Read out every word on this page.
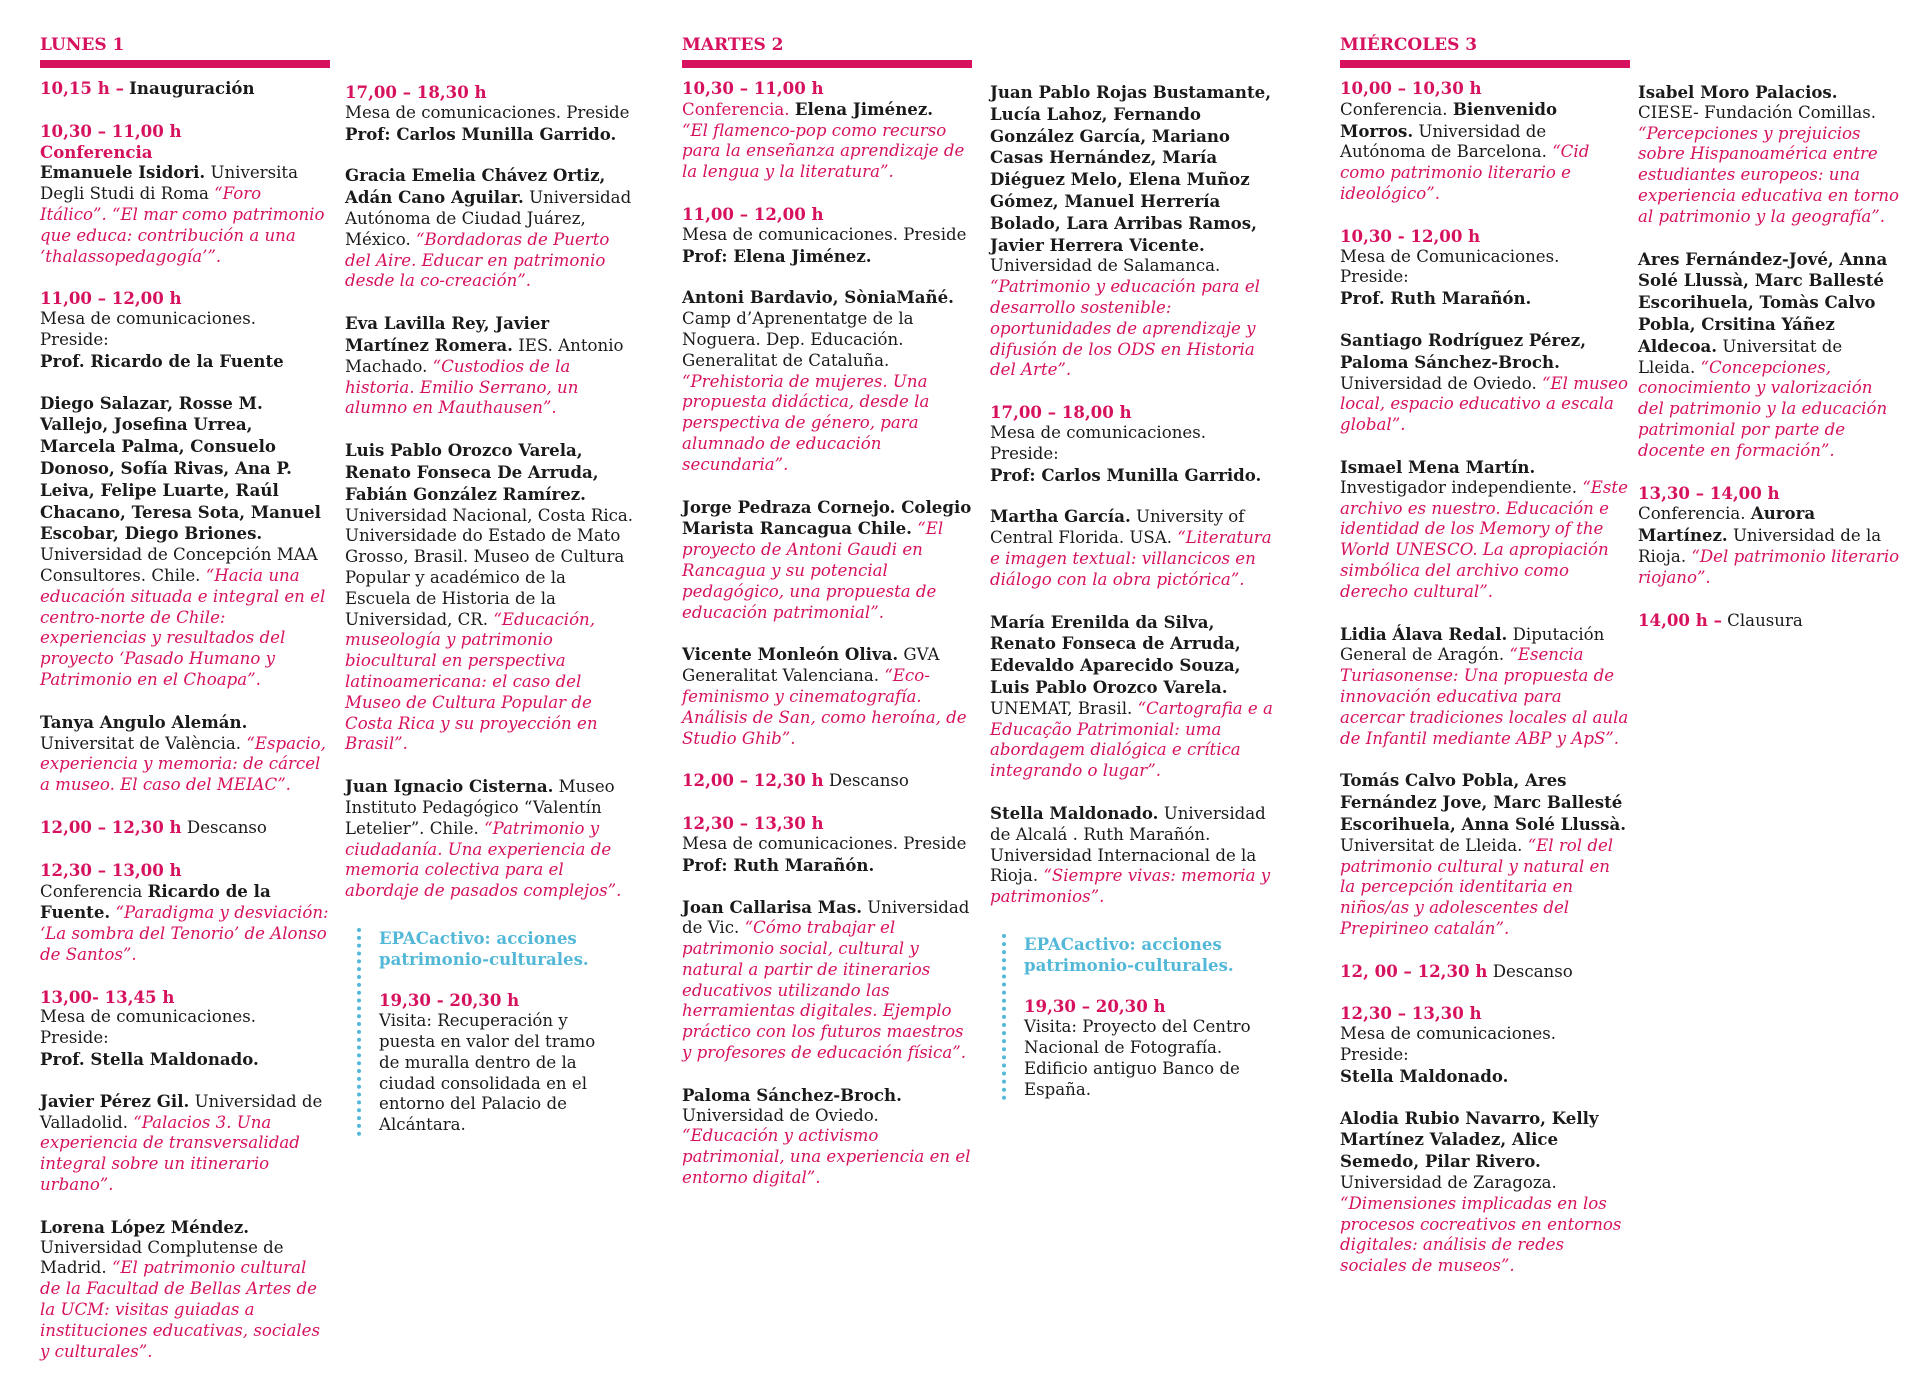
LUNES 1
10,15 h – Inauguración
10,30 – 11,00 h
Conferencia
Emanuele Isidori. Universita Degli Studi di Roma “Foro Itálico”. “El mar como patrimonio que educa: contribución a una ‘thalassopedagogía’”.
11,00 – 12,00 h
Mesa de comunicaciones. Preside:
Prof. Ricardo de la Fuente
Diego Salazar, Rosse M. Vallejo, Josefina Urrea, Marcela Palma, Consuelo Donoso, Sofía Rivas, Ana P. Leiva, Felipe Luarte, Raúl Chacano, Teresa Sota, Manuel Escobar, Diego Briones. Universidad de Concepción MAA Consultores. Chile. “Hacia una educación situada e integral en el centro-norte de Chile: experiencias y resultados del proyecto ‘Pasado Humano y Patrimonio en el Choapa”.
Tanya Angulo Alemán. Universitat de València. “Espacio, experiencia y memoria: de cárcel a museo. El caso del MEIAC”.
12,00 – 12,30 h Descanso
12,30 – 13,00 h
Conferencia Ricardo de la Fuente. “Paradigma y desviación: ‘La sombra del Tenorio’ de Alonso de Santos”.
13,00- 13,45 h
Mesa de comunicaciones. Preside:
Prof. Stella Maldonado.
Javier Pérez Gil. Universidad de Valladolid. “Palacios 3. Una experiencia de transversalidad integral sobre un itinerario urbano”.
Lorena López Méndez.
Universidad Complutense de Madrid. “El patrimonio cultural de la Facultad de Bellas Artes de la UCM: visitas guiadas a instituciones educativas, sociales y culturales”.
17,00 – 18,30 h
Mesa de comunicaciones. Preside
Prof: Carlos Munilla Garrido.
Gracia Emelia Chávez Ortiz, Adán Cano Aguilar. Universidad Autónoma de Ciudad Juárez, México. “Bordadoras de Puerto del Aire. Educar en patrimonio desde la co-creación”.
Eva Lavilla Rey, Javier Martínez Romera. IES. Antonio Machado. “Custodios de la historia. Emilio Serrano, un alumno en Mauthausen”.
Luis Pablo Orozco Varela, Renato Fonseca De Arruda, Fabián González Ramírez. Universidad Nacional, Costa Rica. Universidade do Estado de Mato Grosso, Brasil. Museo de Cultura Popular y académico de la Escuela de Historia de la Universidad, CR. “Educación, museología y patrimonio biocultural en perspectiva latinoamericana: el caso del Museo de Cultura Popular de Costa Rica y su proyección en Brasil”.
Juan Ignacio Cisterna. Museo Instituto Pedagógico “Valentín Letelier”. Chile. “Patrimonio y ciudadanía. Una experiencia de memoria colectiva para el abordaje de pasados complejos”.
EPACactivo: acciones patrimonio-culturales.
19,30 - 20,30 h
Visita: Recuperación y puesta en valor del tramo de muralla dentro de la ciudad consolidada en el entorno del Palacio de Alcántara.
MARTES 2
10,30 – 11,00 h
Conferencia. Elena Jiménez.
“El flamenco-pop como recurso para la enseñanza aprendizaje de la lengua y la literatura”.
11,00 – 12,00 h
Mesa de comunicaciones. Preside
Prof: Elena Jiménez.
Antoni Bardavio, SòniaMañé. Camp d’Aprenentatge de la Noguera. Dep. Educación. Generalitat de Cataluña. “Prehistoria de mujeres. Una propuesta didáctica, desde la perspectiva de género, para alumnado de educación secundaria”.
Jorge Pedraza Cornejo. Colegio Marista Rancagua Chile. “El proyecto de Antoni Gaudi en Rancagua y su potencial pedagógico, una propuesta de educación patrimonial”.
Vicente Monleón Oliva. GVA Generalitat Valenciana. “Eco-feminismo y cinematografía. Análisis de San, como heroína, de Studio Ghib”.
12,00 – 12,30 h Descanso
12,30 – 13,30 h
Mesa de comunicaciones. Preside
Prof: Ruth Marañón.
Joan Callarisa Mas. Universidad de Vic. “Cómo trabajar el patrimonio social, cultural y natural a partir de itinerarios educativos utilizando las herramientas digitales. Ejemplo práctico con los futuros maestros y profesores de educación física”.
Paloma Sánchez-Broch.
Universidad de Oviedo. “Educación y activismo patrimonial, una experiencia en el entorno digital”.
Juan Pablo Rojas Bustamante, Lucía Lahoz, Fernando González García, Mariano Casas Hernández, María Diéguez Melo, Elena Muñoz Gómez, Manuel Herrería Bolado, Lara Arribas Ramos, Javier Herrera Vicente. Universidad de Salamanca. “Patrimonio y educación para el desarrollo sostenible: oportunidades de aprendizaje y difusión de los ODS en Historia del Arte”.
17,00 – 18,00 h
Mesa de comunicaciones. Preside:
Prof: Carlos Munilla Garrido.
Martha García. University of Central Florida. USA. “Literatura e imagen textual: villancicos en diálogo con la obra pictórica”.
María Erenilda da Silva, Renato Fonseca de Arruda, Edevaldo Aparecido Souza, Luis Pablo Orozco Varela. UNEMAT, Brasil. “Cartografia e a Educação Patrimonial: uma abordagem dialógica e crítica integrando o lugar”.
Stella Maldonado. Universidad de Alcalá . Ruth Marañón. Universidad Internacional de la Rioja. “Siempre vivas: memoria y patrimonios”.
EPACactivo: acciones patrimonio-culturales.
19,30 – 20,30 h
Visita: Proyecto del Centro Nacional de Fotografía. Edificio antiguo Banco de España.
MIÉRCOLES 3
10,00 – 10,30 h
Conferencia. Bienvenido Morros. Universidad de Autónoma de Barcelona. “Cid como patrimonio literario e ideológico”.
10,30 - 12,00 h
Mesa de Comunicaciones. Preside:
Prof. Ruth Marañón.
Santiago Rodríguez Pérez, Paloma Sánchez-Broch. Universidad de Oviedo. “El museo local, espacio educativo a escala global”.
Ismael Mena Martín.
Investigador independiente. “Este archivo es nuestro. Educación e identidad de los Memory of the World UNESCO. La apropiación simbólica del archivo como derecho cultural”.
Lidia Álava Redal. Diputación General de Aragón. “Esencia Turiasonense: Una propuesta de innovación educativa para acercar tradiciones locales al aula de Infantil mediante ABP y ApS”.
Tomás Calvo Pobla, Ares Fernández Jove, Marc Ballesté Escorihuela, Anna Solé Llussà. Universitat de Lleida. “El rol del patrimonio cultural y natural en la percepción identitaria en niños/as y adolescentes del Prepirineo catalán”.
12, 00 – 12,30 h Descanso
12,30 – 13,30 h
Mesa de comunicaciones. Preside:
Stella Maldonado.
Alodia Rubio Navarro, Kelly Martínez Valadez, Alice Semedo, Pilar Rivero. Universidad de Zaragoza. “Dimensiones implicadas en los procesos cocreativos en entornos digitales: análisis de redes sociales de museos”.
Isabel Moro Palacios.
CIESE- Fundación Comillas.
“Percepciones y prejuicios sobre Hispanoamérica entre estudiantes europeos: una experiencia educativa en torno al patrimonio y la geografía”.
Ares Fernández-Jové, Anna Solé Llussà, Marc Ballesté Escorihuela, Tomàs Calvo Pobla, Crsitina Yáñez Aldecoa. Universitat de Lleida. “Concepciones, conocimiento y valorización del patrimonio y la educación patrimonial por parte de docente en formación”.
13,30 – 14,00 h
Conferencia. Aurora Martínez. Universidad de la Rioja. “Del patrimonio literario riojano”.
14,00 h – Clausura
